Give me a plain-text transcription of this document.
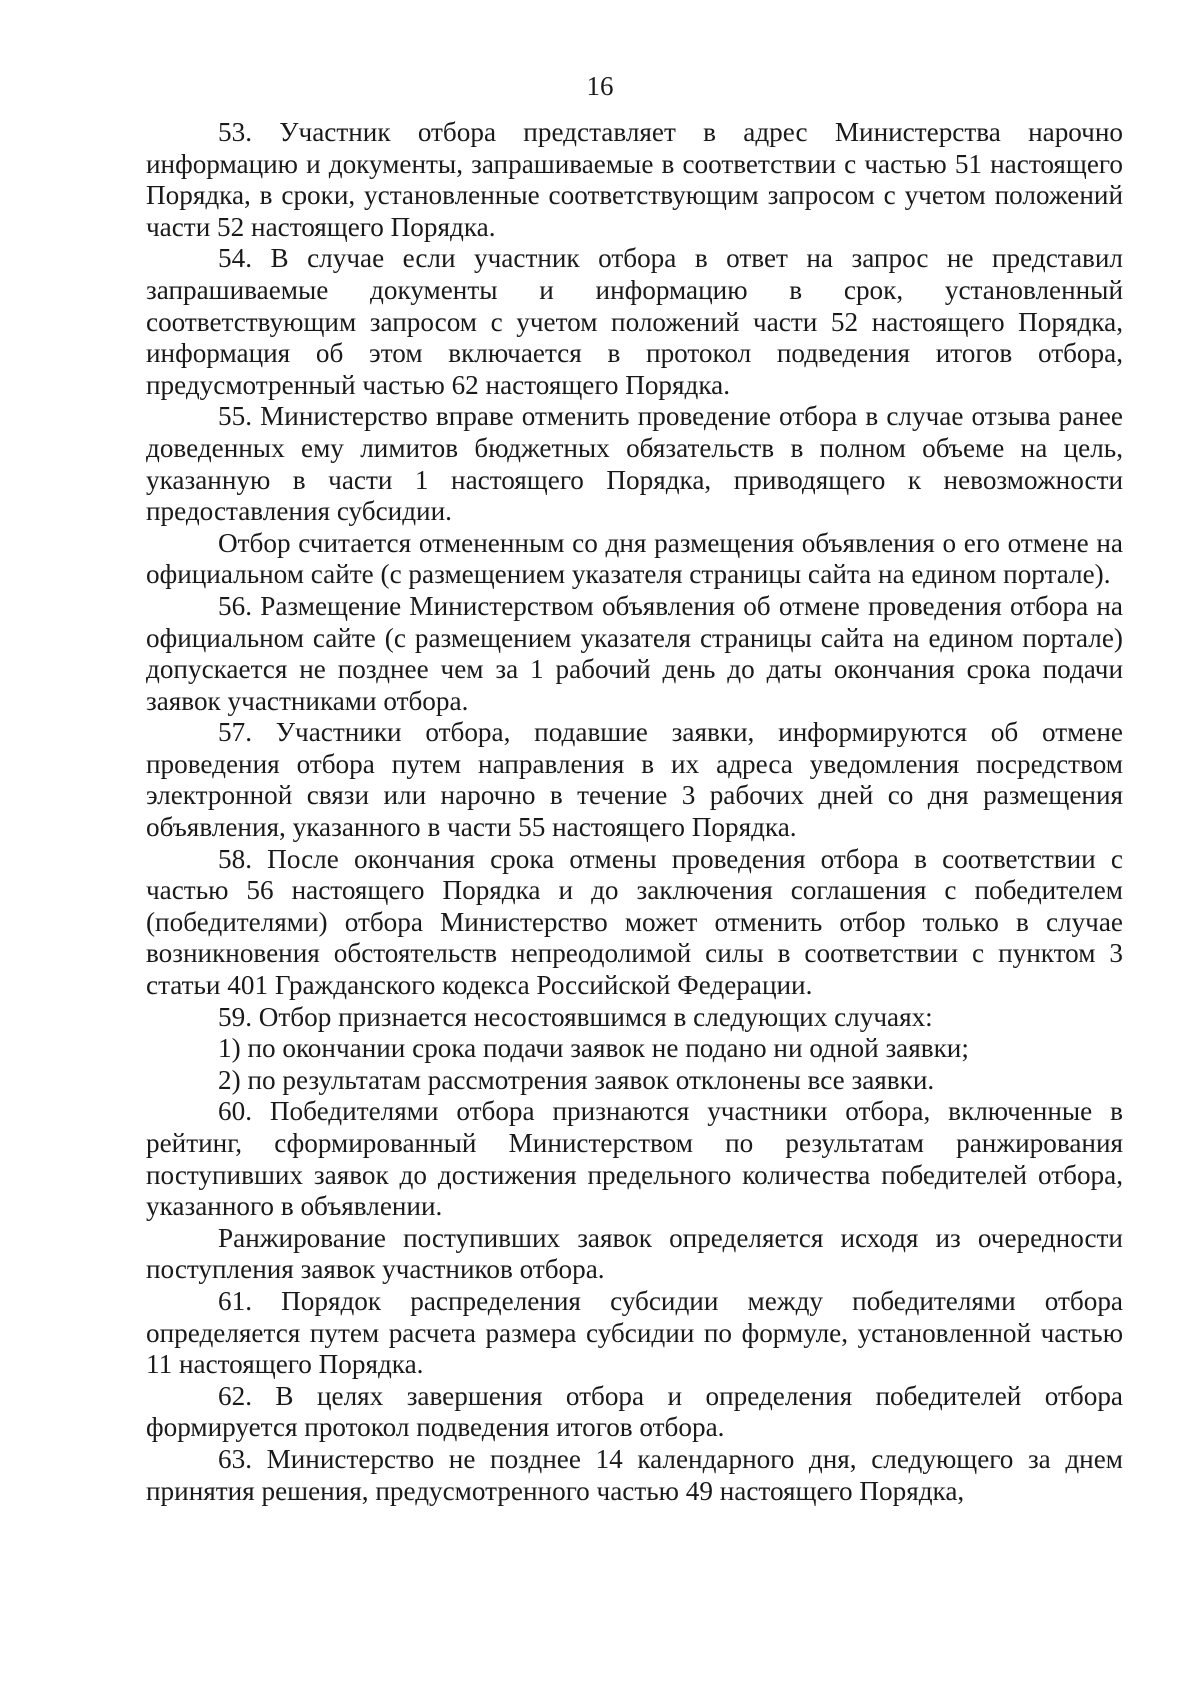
16

53. Участник отбора представляет в адрес Министерства нарочно информацию и документы, запрашиваемые в соответствии с частью 51 настоящего Порядка, в сроки, установленные соответствующим запросом с учетом положений части 52 настоящего Порядка.

54. В случае если участник отбора в ответ на запрос не представил запрашиваемые документы и информацию в срок, установленный соответствующим запросом с учетом положений части 52 настоящего Порядка, информация об этом включается в протокол подведения итогов отбора, предусмотренный частью 62 настоящего Порядка.

55. Министерство вправе отменить проведение отбора в случае отзыва ранее доведенных ему лимитов бюджетных обязательств в полном объеме на цель, указанную в части 1 настоящего Порядка, приводящего к невозможности предоставления субсидии.

Отбор считается отмененным со дня размещения объявления о его отмене на официальном сайте (с размещением указателя страницы сайта на едином портале).

56. Размещение Министерством объявления об отмене проведения отбора на официальном сайте (с размещением указателя страницы сайта на едином портале) допускается не позднее чем за 1 рабочий день до даты окончания срока подачи заявок участниками отбора.

57. Участники отбора, подавшие заявки, информируются об отмене проведения отбора путем направления в их адреса уведомления посредством электронной связи или нарочно в течение 3 рабочих дней со дня размещения объявления, указанного в части 55 настоящего Порядка.

58. После окончания срока отмены проведения отбора в соответствии с частью 56 настоящего Порядка и до заключения соглашения с победителем (победителями) отбора Министерство может отменить отбор только в случае возникновения обстоятельств непреодолимой силы в соответствии с пунктом 3 статьи 401 Гражданского кодекса Российской Федерации.

59. Отбор признается несостоявшимся в следующих случаях:

1) по окончании срока подачи заявок не подано ни одной заявки;

2) по результатам рассмотрения заявок отклонены все заявки.

60. Победителями отбора признаются участники отбора, включенные в рейтинг, сформированный Министерством по результатам ранжирования поступивших заявок до достижения предельного количества победителей отбора, указанного в объявлении.

Ранжирование поступивших заявок определяется исходя из очередности поступления заявок участников отбора.

61. Порядок распределения субсидии между победителями отбора определяется путем расчета размера субсидии по формуле, установленной частью 11 настоящего Порядка.

62. В целях завершения отбора и определения победителей отбора формируется протокол подведения итогов отбора.

63. Министерство не позднее 14 календарного дня, следующего за днем принятия решения, предусмотренного частью 49 настоящего Порядка,
